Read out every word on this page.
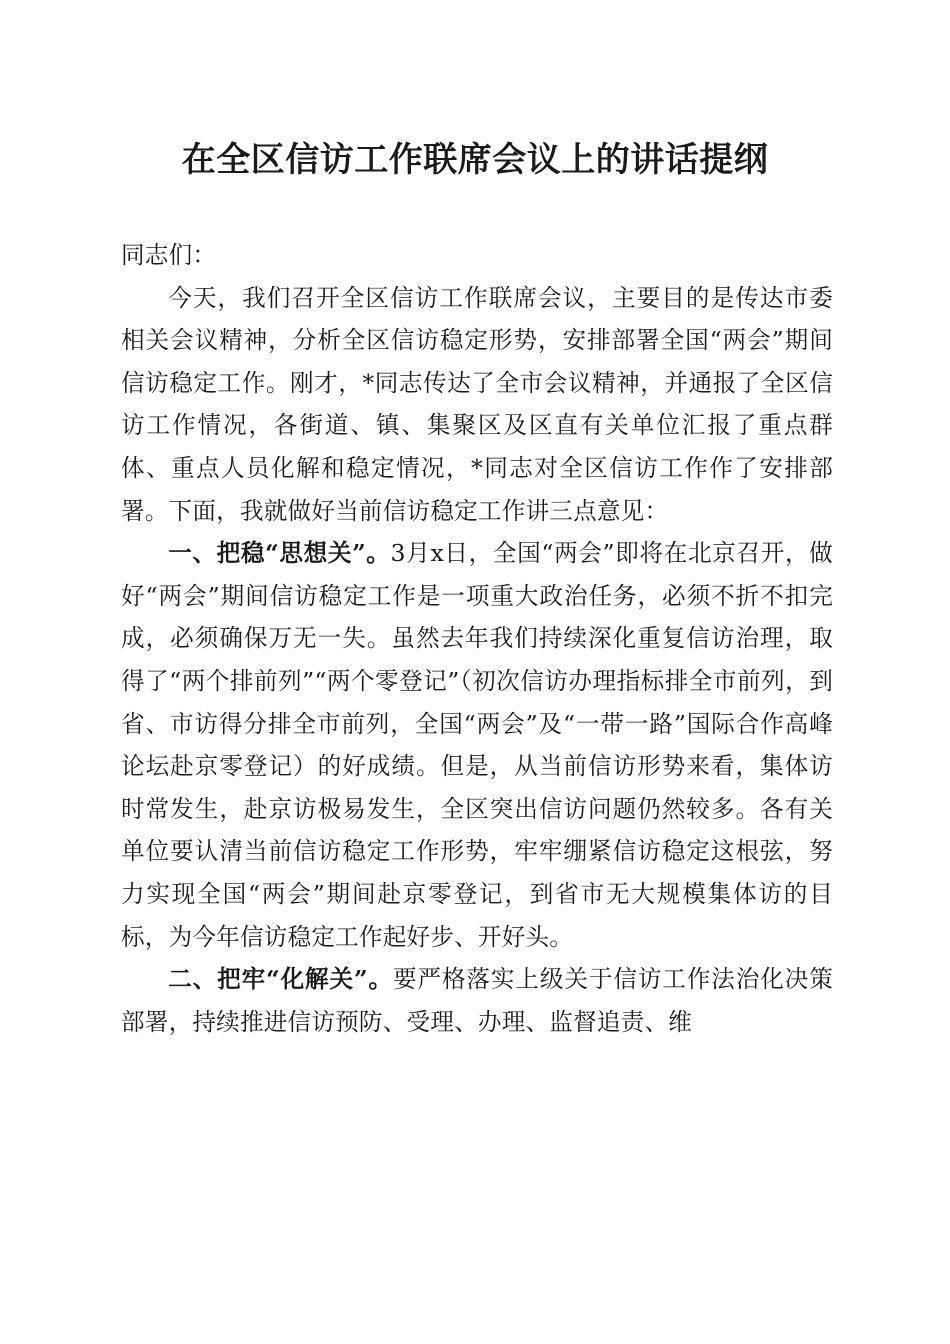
在全区信访工作联席会议上的讲话提纲

同志们：

今天，我们召开全区信访工作联席会议，主要目的是传达市委相关会议精神，分析全区信访稳定形势，安排部署全国“两会”期间信访稳定工作。刚才，*同志传达了全市会议精神，并通报了全区信访工作情况，各街道、镇、集聚区及区直有关单位汇报了重点群体、重点人员化解和稳定情况，*同志对全区信访工作作了安排部署。下面，我就做好当前信访稳定工作讲三点意见：

一、把稳“思想关”。3月x日，全国“两会”即将在北京召开，做好“两会”期间信访稳定工作是一项重大政治任务，必须不折不扣完成，必须确保万无一失。虽然去年我们持续深化重复信访治理，取得了“两个排前列”“两个零登记”（初次信访办理指标排全市前列，到省、市访得分排全市前列，全国“两会”及“一带一路”国际合作高峰论坛赴京零登记）的好成绩。但是，从当前信访形势来看，集体访时常发生，赴京访极易发生，全区突出信访问题仍然较多。各有关单位要认清当前信访稳定工作形势，牢牢绷紧信访稳定这根弦，努力实现全国“两会”期间赴京零登记，到省市无大规模集体访的目标，为今年信访稳定工作起好步、开好头。

二、把牢“化解关”。要严格落实上级关于信访工作法治化决策部署，持续推进信访预防、受理、办理、监督追责、维
